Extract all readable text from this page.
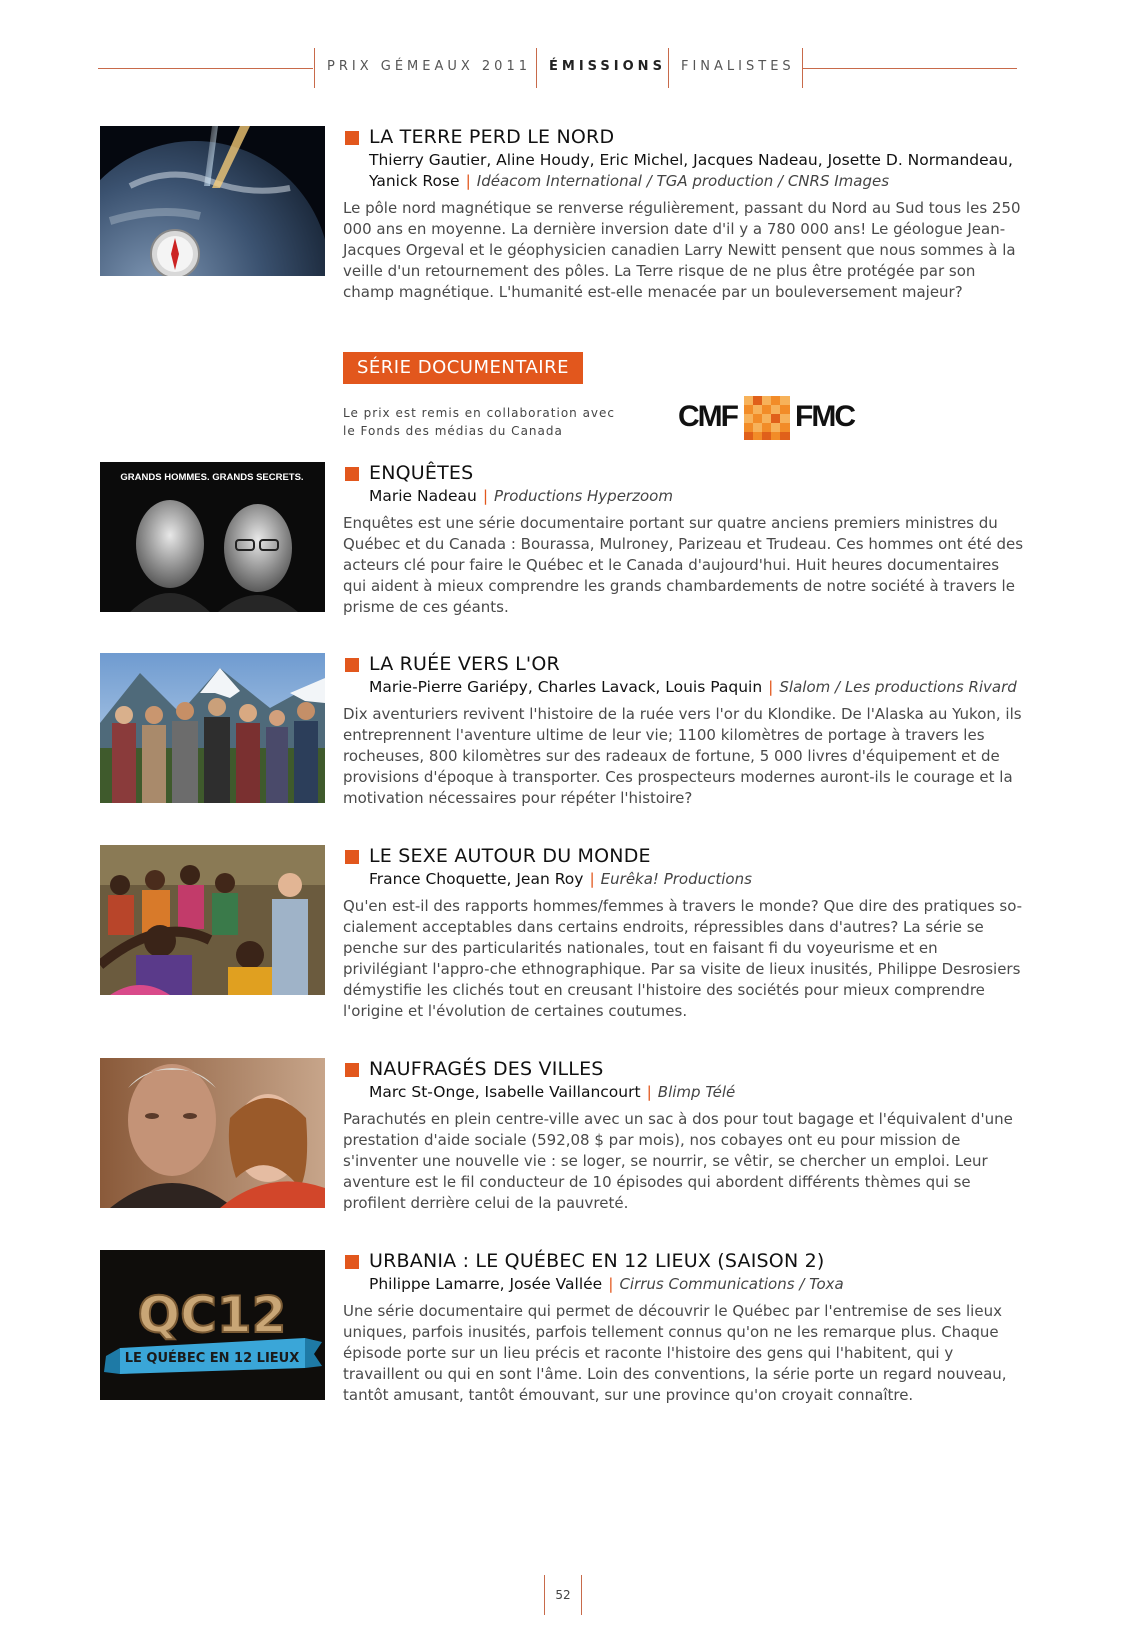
PRIX GÉMEAUX 2011 ÉMISSIONS FINALISTES
LA TERRE PERD LE NORD
Thierry Gautier, Aline Houdy, Eric Michel, Jacques Nadeau, Josette D. Normandeau, Yanick Rose | Idéacom International / TGA production / CNRS Images
Le pôle nord magnétique se renverse régulièrement, passant du Nord au Sud tous les 250 000 ans en moyenne. La dernière inversion date d'il y a 780 000 ans! Le géologue Jean-Jacques Orgeval et le géophysicien canadien Larry Newitt pensent que nous sommes à la veille d'un retournement des pôles. La Terre risque de ne plus être protégée par son champ magnétique. L'humanité est-elle menacée par un bouleversement majeur?
SÉRIE DOCUMENTAIRE
Le prix est remis en collaboration avec
le Fonds des médias du Canada	CMF FMC
GRANDS HOMMES. GRANDS SECRETS.	ENQUÊTES
Marie Nadeau | Productions Hyperzoom
Enquêtes est une série documentaire portant sur quatre anciens premiers ministres du Québec et du Canada : Bourassa, Mulroney, Parizeau et Trudeau. Ces hommes ont été des acteurs clé pour faire le Québec et le Canada d'aujourd'hui. Huit heures documentaires qui aident à mieux comprendre les grands chambardements de notre société à travers le prisme de ces géants.
LA RUÉE VERS L'OR
Marie-Pierre Gariépy, Charles Lavack, Louis Paquin | Slalom / Les productions Rivard
Dix aventuriers revivent l'histoire de la ruée vers l'or du Klondike. De l'Alaska au Yukon, ils entreprennent l'aventure ultime de leur vie; 1100 kilomètres de portage à travers les rocheuses, 800 kilomètres sur des radeaux de fortune, 5 000 livres d'équipement et de provisions d'époque à transporter. Ces prospecteurs modernes auront-ils le courage et la motivation nécessaires pour répéter l'histoire?
LE SEXE AUTOUR DU MONDE
France Choquette, Jean Roy | Eurêka! Productions
Qu'en est-il des rapports hommes/femmes à travers le monde? Que dire des pratiques so-cialement acceptables dans certains endroits, répressibles dans d'autres? La série se penche sur des particularités nationales, tout en faisant fi du voyeurisme et en privilégiant l'appro-che ethnographique. Par sa visite de lieux inusités, Philippe Desrosiers démystifie les clichés tout en creusant l'histoire des sociétés pour mieux comprendre l'origine et l'évolution de certaines coutumes.
NAUFRAGÉS DES VILLES
Marc St-Onge, Isabelle Vaillancourt | Blimp Télé
Parachutés en plein centre-ville avec un sac à dos pour tout bagage et l'équivalent d'une prestation d'aide sociale (592,08 $ par mois), nos cobayes ont eu pour mission de s'inventer une nouvelle vie : se loger, se nourrir, se vêtir, se chercher un emploi. Leur aventure est le fil conducteur de 10 épisodes qui abordent différents thèmes qui se profilent derrière celui de la pauvreté.
QC12
LE QUÉBEC EN 12 LIEUX
URBANIA : LE QUÉBEC EN 12 LIEUX (SAISON 2)
Philippe Lamarre, Josée Vallée | Cirrus Communications / Toxa
Une série documentaire qui permet de découvrir le Québec par l'entremise de ses lieux uniques, parfois inusités, parfois tellement connus qu'on ne les remarque plus. Chaque épisode porte sur un lieu précis et raconte l'histoire des gens qui l'habitent, qui y travaillent ou qui en sont l'âme. Loin des conventions, la série porte un regard nouveau, tantôt amusant, tantôt émouvant, sur une province qu'on croyait connaître.
52
